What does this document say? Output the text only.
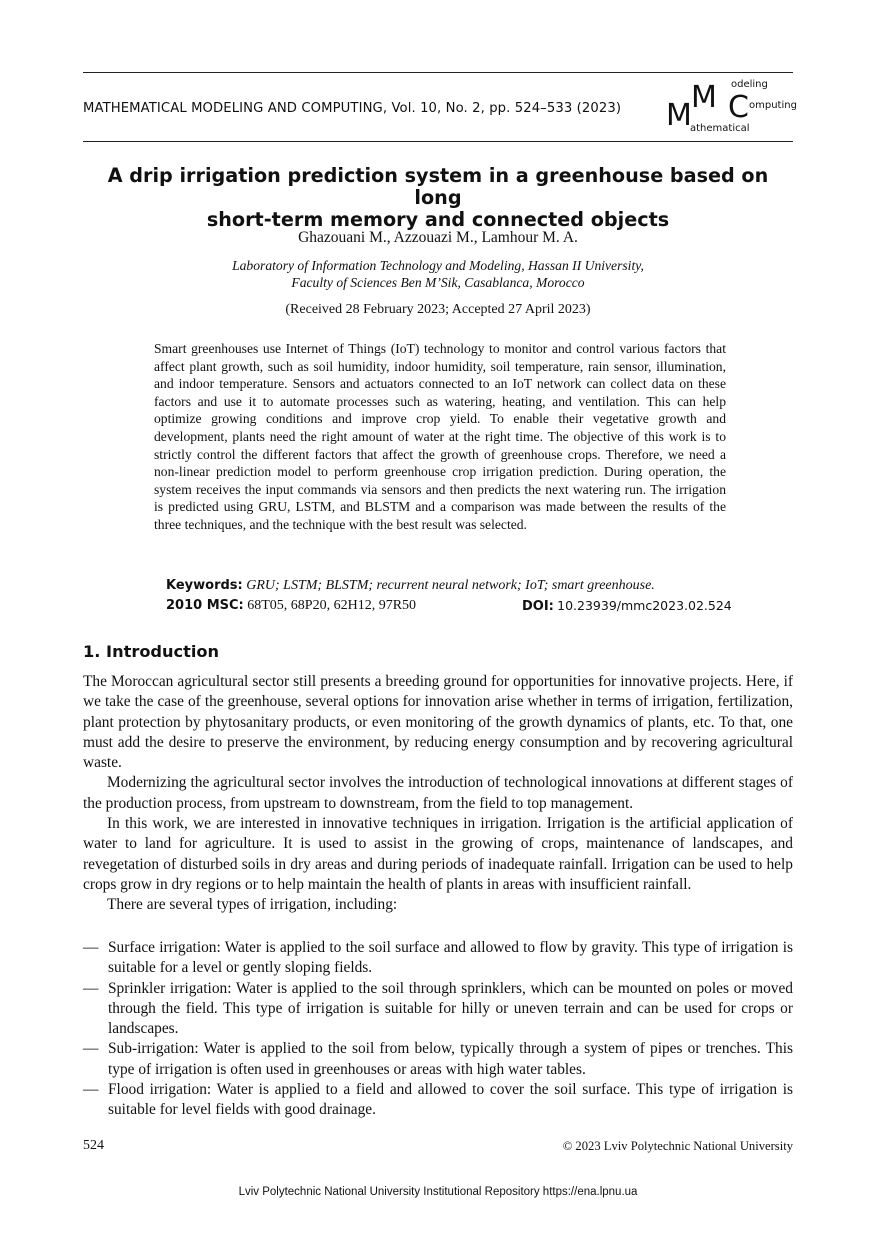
MATHEMATICAL MODELING AND COMPUTING, Vol. 10, No. 2, pp. 524–533 (2023) M
M C
odeling
omputing
athematical
A drip irrigation prediction system in a greenhouse based on long
short-term memory and connected objects
Ghazouani M., Azzouazi M., Lamhour M. A.
Laboratory of Information Technology and Modeling, Hassan II University,
Faculty of Sciences Ben M’Sik, Casablanca, Morocco
(Received 28 February 2023; Accepted 27 April 2023)
Smart greenhouses use Internet of Things (IoT) technology to monitor and control various factors that affect plant growth, such as soil humidity, indoor humidity, soil temperature, rain sensor, illumination, and indoor temperature. Sensors and actuators connected to an IoT network can collect data on these factors and use it to automate processes such as watering, heating, and ventilation. This can help optimize growing conditions and improve crop yield. To enable their vegetative growth and development, plants need the right amount of water at the right time. The objective of this work is to strictly control the different factors that affect the growth of greenhouse crops. Therefore, we need a non-linear prediction model to perform greenhouse crop irrigation prediction. During operation, the system receives the input commands via sensors and then predicts the next watering run. The irrigation is predicted using GRU, LSTM, and BLSTM and a comparison was made between the results of the three techniques, and the technique with the best result was selected.
Keywords: GRU; LSTM; BLSTM; recurrent neural network; IoT; smart greenhouse.
2010 MSC: 68T05, 68P20, 62H12, 97R50	DOI: 10.23939/mmc2023.02.524
1. Introduction

The Moroccan agricultural sector still presents a breeding ground for opportunities for innovative projects. Here, if we take the case of the greenhouse, several options for innovation arise whether in terms of irrigation, fertilization, plant protection by phytosanitary products, or even monitoring of the growth dynamics of plants, etc. To that, one must add the desire to preserve the environment, by reducing energy consumption and by recovering agricultural waste.

Modernizing the agricultural sector involves the introduction of technological innovations at different stages of the production process, from upstream to downstream, from the field to top management.

In this work, we are interested in innovative techniques in irrigation. Irrigation is the artificial application of water to land for agriculture. It is used to assist in the growing of crops, maintenance of landscapes, and revegetation of disturbed soils in dry areas and during periods of inadequate rainfall. Irrigation can be used to help crops grow in dry regions or to help maintain the health of plants in areas with insufficient rainfall.

There are several types of irrigation, including:

— Surface irrigation: Water is applied to the soil surface and allowed to flow by gravity. This type of irrigation is suitable for a level or gently sloping fields.
— Sprinkler irrigation: Water is applied to the soil through sprinklers, which can be mounted on poles or moved through the field. This type of irrigation is suitable for hilly or uneven terrain and can be used for crops or landscapes.
— Sub-irrigation: Water is applied to the soil from below, typically through a system of pipes or trenches. This type of irrigation is often used in greenhouses or areas with high water tables.
— Flood irrigation: Water is applied to a field and allowed to cover the soil surface. This type of irrigation is suitable for level fields with good drainage.
524	© 2023 Lviv Polytechnic National University
Lviv Polytechnic National University Institutional Repository https://ena.lpnu.ua
